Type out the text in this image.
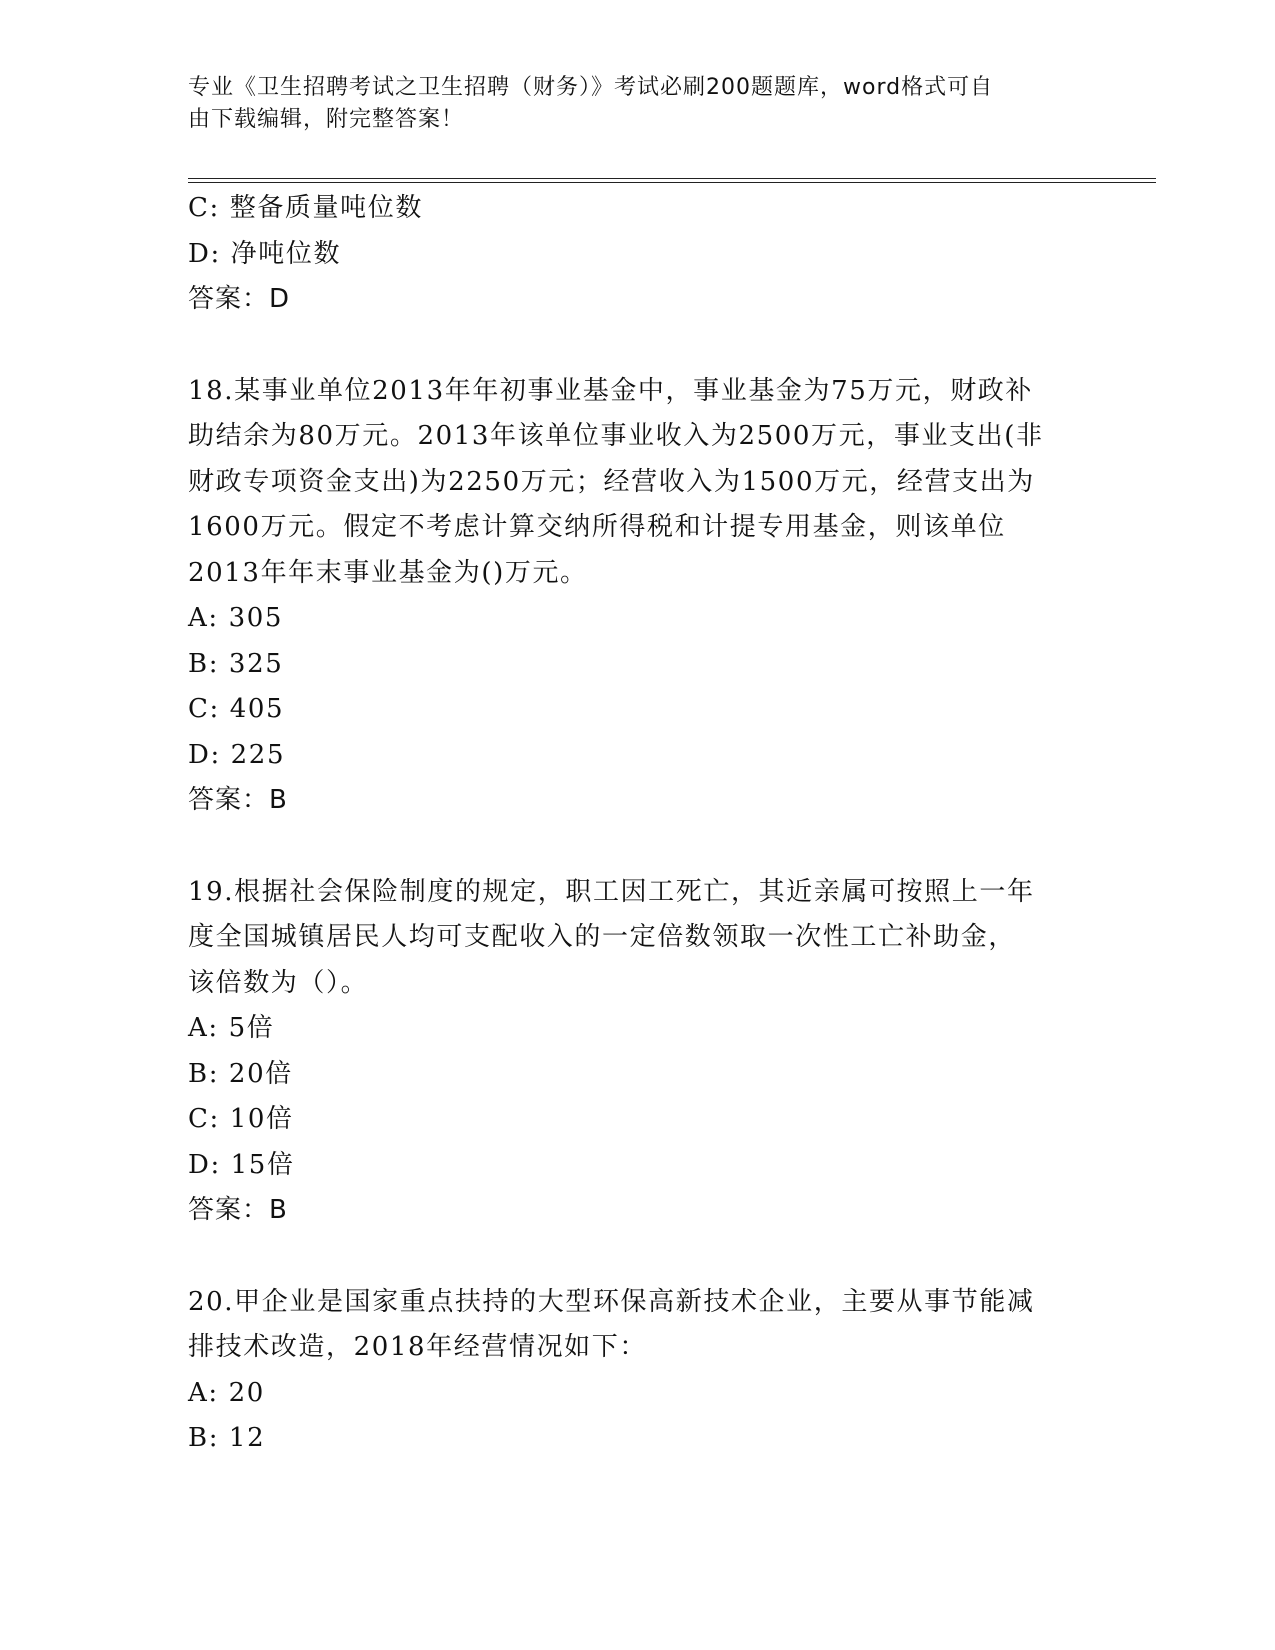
专业《卫生招聘考试之卫生招聘（财务）》考试必刷200题题库，word格式可自
由下载编辑，附完整答案！
C: 整备质量吨位数
D: 净吨位数
答案：D
18.某事业单位2013年年初事业基金中，事业基金为75万元，财政补
助结余为80万元。2013年该单位事业收入为2500万元，事业支出(非
财政专项资金支出)为2250万元；经营收入为1500万元，经营支出为
1600万元。假定不考虑计算交纳所得税和计提专用基金，则该单位
2013年年末事业基金为()万元。
A: 305
B: 325
C: 405
D: 225
答案：B
19.根据社会保险制度的规定，职工因工死亡，其近亲属可按照上一年
度全国城镇居民人均可支配收入的一定倍数领取一次性工亡补助金，
该倍数为（）。
A: 5倍
B: 20倍
C: 10倍
D: 15倍
答案：B
20.甲企业是国家重点扶持的大型环保高新技术企业，主要从事节能减
排技术改造，2018年经营情况如下：
A: 20
B: 12
